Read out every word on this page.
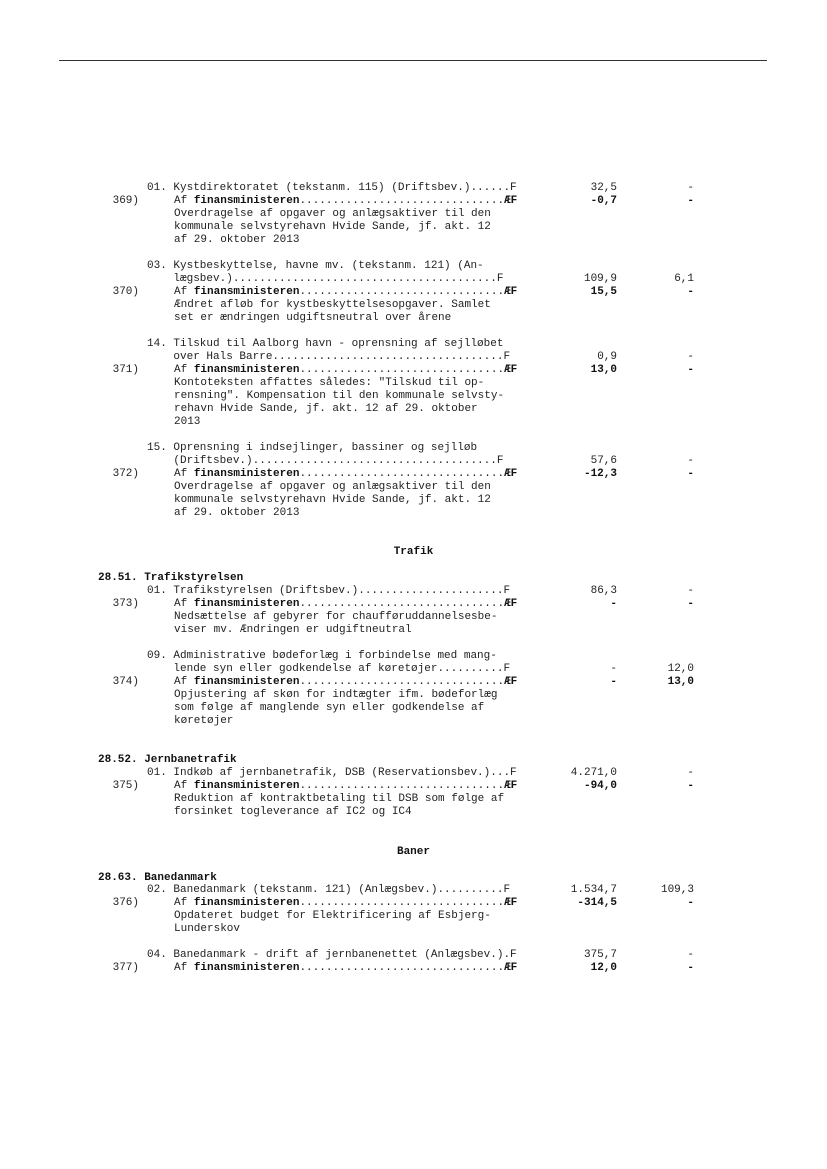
Trafik
28.51. Trafikstyrelsen
28.52. Jernbanetrafik
Baner
28.63. Banedanmark
01. Kystdirektoratet (tekstanm. 115) (Driftsbev.)......F	32,5	-
369)	Af finansministeren...............................ÆF	-0,7	-
Overdragelse af opgaver og anlægsaktiver til den
kommunale selvstyrehavn Hvide Sande, jf. akt. 12
af 29. oktober 2013
03. Kystbeskyttelse, havne mv. (tekstanm. 121) (An-
lægsbev.)........................................F	109,9	6,1
370)	Af finansministeren...............................ÆF	15,5	-
Ændret afløb for kystbeskyttelsesopgaver. Samlet
set er ændringen udgiftsneutral over årene
14. Tilskud til Aalborg havn - oprensning af sejlløbet
over Hals Barre...................................F	0,9	-
371)	Af finansministeren...............................ÆF	13,0	-
Kontoteksten affattes således: "Tilskud til op-
rensning". Kompensation til den kommunale selvsty-
rehavn Hvide Sande, jf. akt. 12 af 29. oktober
2013
15. Oprensning i indsejlinger, bassiner og sejlløb
(Driftsbev.).....................................F	57,6	-
372)	Af finansministeren...............................ÆF	-12,3	-
Overdragelse af opgaver og anlægsaktiver til den
kommunale selvstyrehavn Hvide Sande, jf. akt. 12
af 29. oktober 2013
01. Trafikstyrelsen (Driftsbev.)......................F	86,3	-
373)	Af finansministeren...............................ÆF	-	-
Nedsættelse af gebyrer for chaufføruddannelsesbe-
viser mv. Ændringen er udgiftneutral
09. Administrative bødeforlæg i forbindelse med mang-
lende syn eller godkendelse af køretøjer..........F	-	12,0
374)	Af finansministeren...............................ÆF	-	13,0
Opjustering af skøn for indtægter ifm. bødeforlæg
som følge af manglende syn eller godkendelse af
køretøjer
01. Indkøb af jernbanetrafik, DSB (Reservationsbev.)...F	4.271,0	-
375)	Af finansministeren...............................ÆF	-94,0	-
Reduktion af kontraktbetaling til DSB som følge af
forsinket togleverance af IC2 og IC4
02. Banedanmark (tekstanm. 121) (Anlægsbev.)..........F	1.534,7	109,3
376)	Af finansministeren...............................ÆF	-314,5	-
Opdateret budget for Elektrificering af Esbjerg-
Lunderskov
04. Banedanmark - drift af jernbanenettet (Anlægsbev.).F	375,7	-
377)	Af finansministeren...............................ÆF	12,0	-
